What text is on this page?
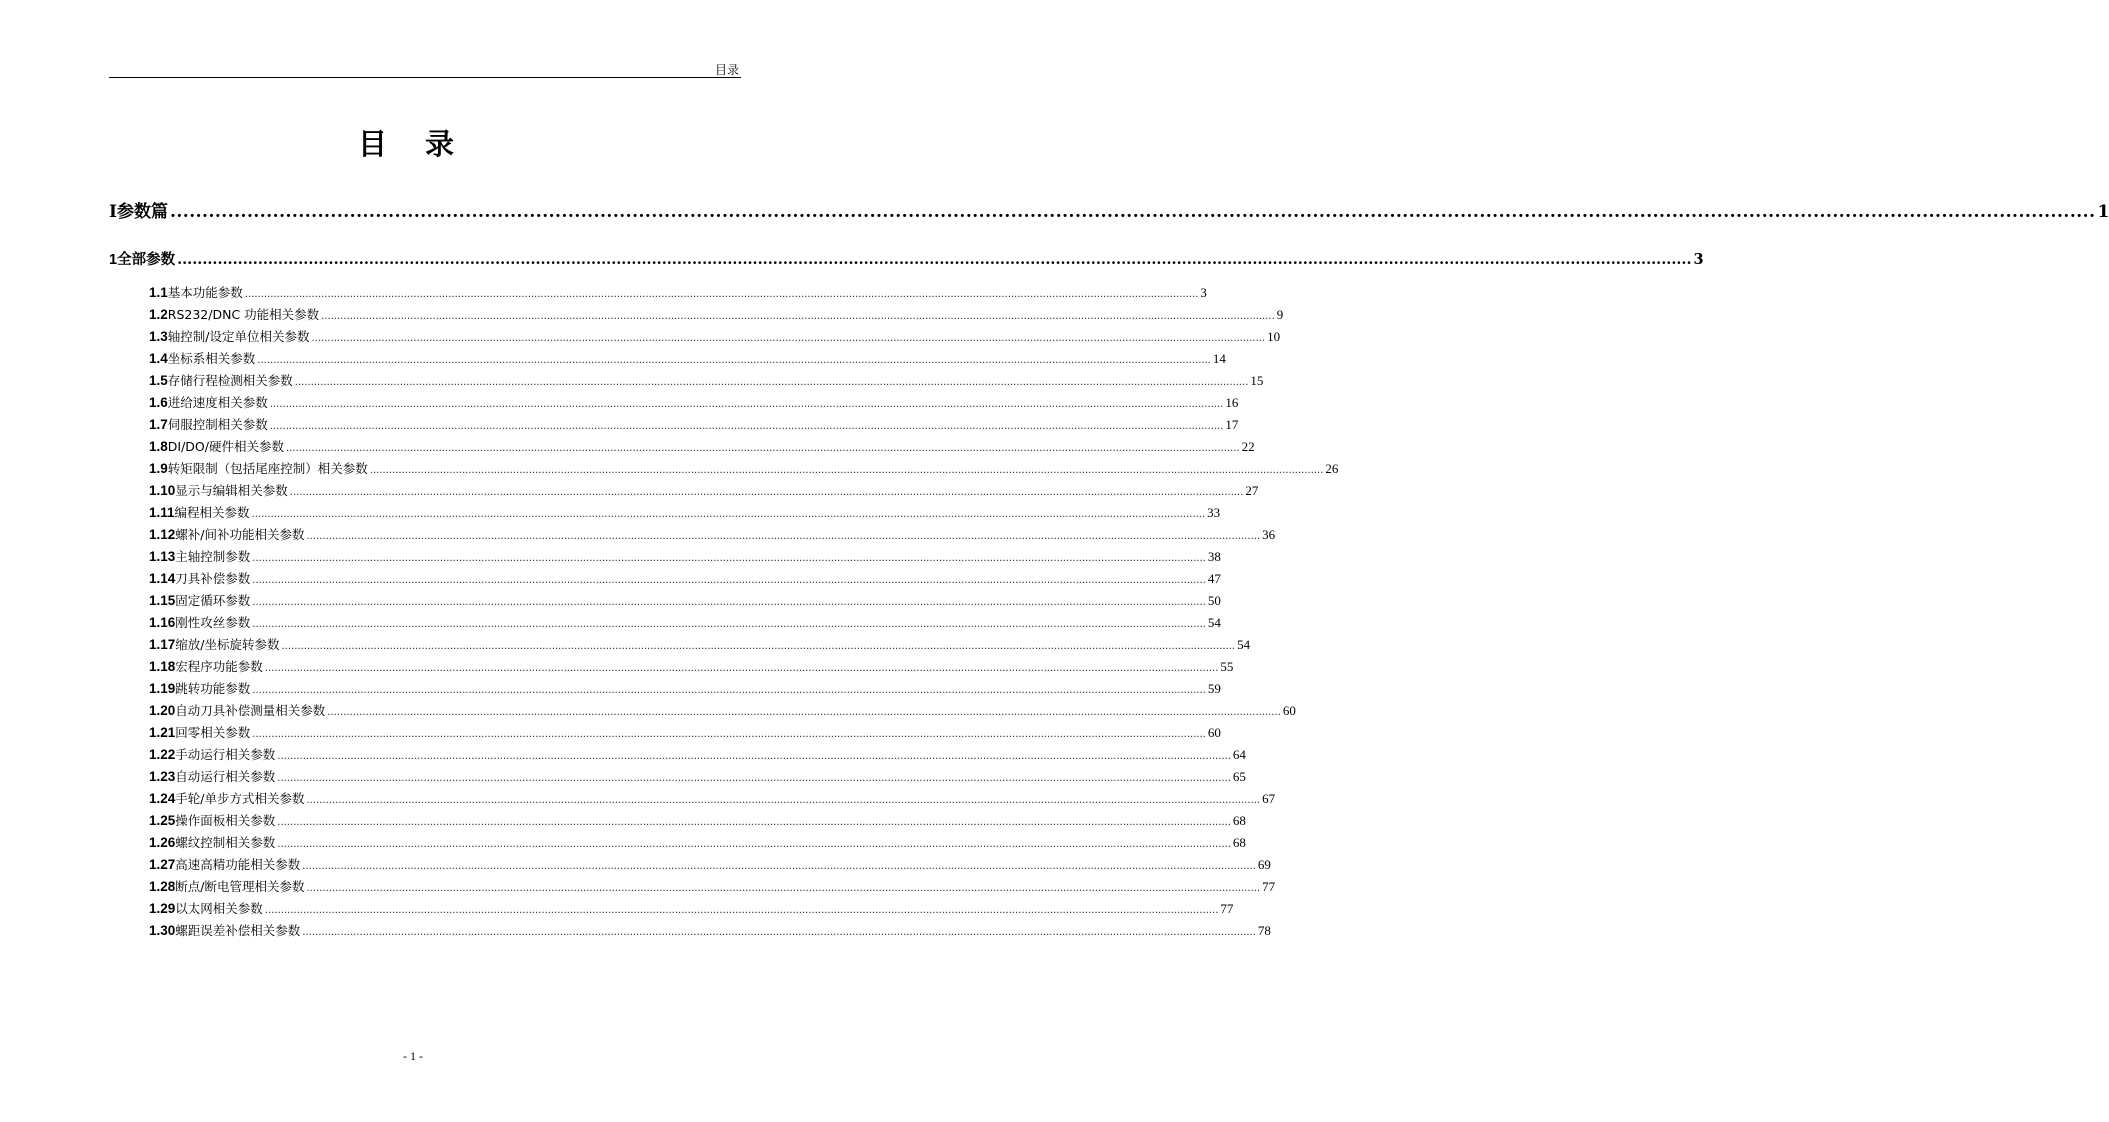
目录
目 录
I 参数篇 ............................................................................................................................................................................................................................................................................................................ 1
1 全部参数 ............................................................................................................................................................................................................................................................................................................ 3
1.1 基本功能参数 ............................................................................................................................................................................................................................................................................................................ 3
1.2 RS232/DNC 功能相关参数 ............................................................................................................................................................................................................................................................................................................ 9
1.3 轴控制/设定单位相关参数 ............................................................................................................................................................................................................................................................................................................ 10
1.4 坐标系相关参数 ............................................................................................................................................................................................................................................................................................................ 14
1.5 存储行程检测相关参数 ............................................................................................................................................................................................................................................................................................................ 15
1.6 进给速度相关参数 ............................................................................................................................................................................................................................................................................................................ 16
1.7 伺服控制相关参数 ............................................................................................................................................................................................................................................................................................................ 17
1.8 DI/DO/硬件相关参数 ............................................................................................................................................................................................................................................................................................................ 22
1.9 转矩限制（包括尾座控制）相关参数 ............................................................................................................................................................................................................................................................................................................ 26
1.10 显示与编辑相关参数 ............................................................................................................................................................................................................................................................................................................ 27
1.11 编程相关参数 ............................................................................................................................................................................................................................................................................................................ 33
1.12 螺补/间补功能相关参数 ............................................................................................................................................................................................................................................................................................................ 36
1.13 主轴控制参数 ............................................................................................................................................................................................................................................................................................................ 38
1.14 刀具补偿参数 ............................................................................................................................................................................................................................................................................................................ 47
1.15 固定循环参数 ............................................................................................................................................................................................................................................................................................................ 50
1.16 刚性攻丝参数 ............................................................................................................................................................................................................................................................................................................ 54
1.17 缩放/坐标旋转参数 ............................................................................................................................................................................................................................................................................................................ 54
1.18 宏程序功能参数 ............................................................................................................................................................................................................................................................................................................ 55
1.19 跳转功能参数 ............................................................................................................................................................................................................................................................................................................ 59
1.20 自动刀具补偿测量相关参数 ............................................................................................................................................................................................................................................................................................................ 60
1.21 回零相关参数 ............................................................................................................................................................................................................................................................................................................ 60
1.22 手动运行相关参数 ............................................................................................................................................................................................................................................................................................................ 64
1.23 自动运行相关参数 ............................................................................................................................................................................................................................................................................................................ 65
1.24 手轮/单步方式相关参数 ............................................................................................................................................................................................................................................................................................................ 67
1.25 操作面板相关参数 ............................................................................................................................................................................................................................................................................................................ 68
1.26 螺纹控制相关参数 ............................................................................................................................................................................................................................................................................................................ 68
1.27 高速高精功能相关参数 ............................................................................................................................................................................................................................................................................................................ 69
1.28 断点/断电管理相关参数 ............................................................................................................................................................................................................................................................................................................ 77
1.29 以太网相关参数 ............................................................................................................................................................................................................................................................................................................ 77
1.30 螺距误差补偿相关参数 ............................................................................................................................................................................................................................................................................................................ 78
- 1 -
